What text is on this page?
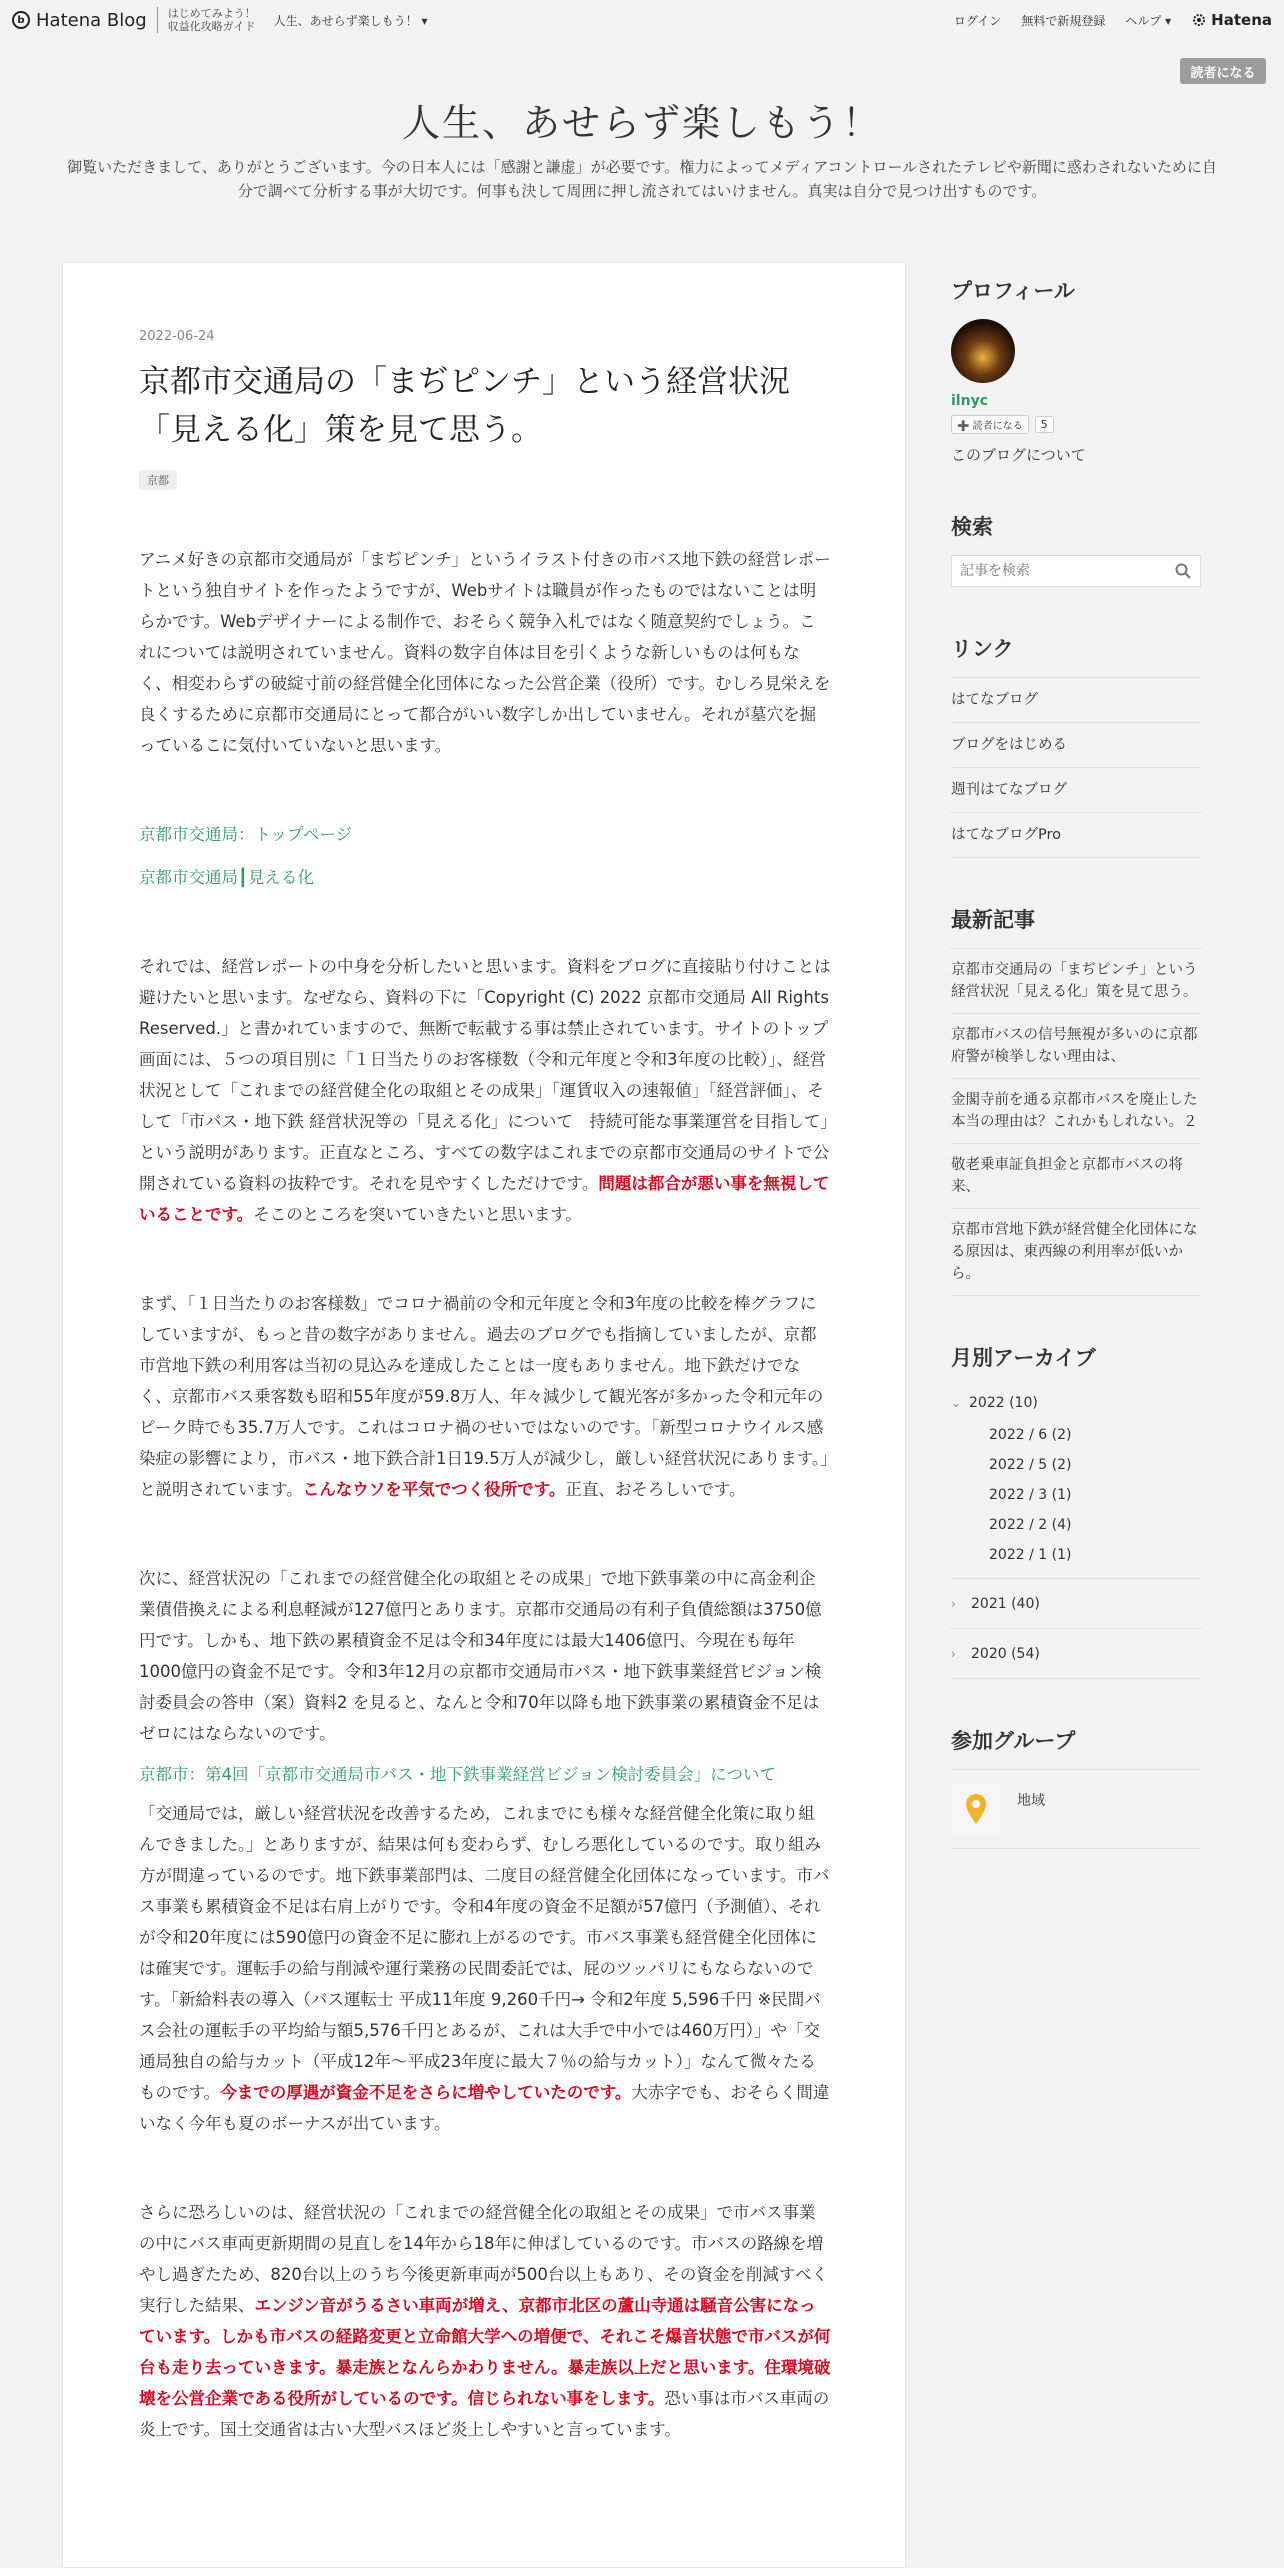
b Hatena Blog はじめてみよう！
収益化攻略ガイド 人生、あせらず楽しもう！ ▾	ログイン 無料で新規登録 ヘルプ ▾	Hatena
読者になる
人生、あせらず楽しもう！

御覧いただきまして、ありがとうございます。今の日本人には「感謝と謙虚」が必要です。権力によってメディアコントロールされたテレビや新聞に惑わされないために自分で調べて分析する事が大切です。何事も決して周囲に押し流されてはいけません。真実は自分で見つけ出すものです。

2022-06-24
京都市交通局の「まぢピンチ」という経営状況「見える化」策を見て思う。
京都

アニメ好きの京都市交通局が「まぢピンチ」というイラスト付きの市バス地下鉄の経営レポートという独自サイトを作ったようですが、Webサイトは職員が作ったものではないことは明らかです。Webデザイナーによる制作で、おそらく競争入札ではなく随意契約でしょう。これについては説明されていません。資料の数字自体は目を引くような新しいものは何もなく、相変わらずの破綻寸前の経営健全化団体になった公営企業（役所）です。むしろ見栄えを良くするために京都市交通局にとって都合がいい数字しか出していません。それが墓穴を掘っているこに気付いていないと思います。

京都市交通局：トップページ
京都市交通局┃見える化

それでは、経営レポートの中身を分析したいと思います。資料をブログに直接貼り付けことは避けたいと思います。なぜなら、資料の下に「Copyright (C) 2022 京都市交通局 All Rights Reserved.」と書かれていますので、無断で転載する事は禁止されています。サイトのトップ画面には、５つの項目別に「１日当たりのお客様数（令和元年度と令和3年度の比較）」、経営状況として「これまでの経営健全化の取組とその成果」「運賃収入の速報値」「経営評価」、そして「市バス・地下鉄 経営状況等の「見える化」について　持続可能な事業運営を目指して」という説明があります。正直なところ、すべての数字はこれまでの京都市交通局のサイトで公開されている資料の抜粋です。それを見やすくしただけです。問題は都合が悪い事を無視していることです。そこのところを突いていきたいと思います。

まず、「１日当たりのお客様数」でコロナ禍前の令和元年度と令和3年度の比較を棒グラフにしていますが、もっと昔の数字がありません。過去のブログでも指摘していましたが、京都市営地下鉄の利用客は当初の見込みを達成したことは一度もありません。地下鉄だけでなく、京都市バス乗客数も昭和55年度が59.8万人、年々減少して観光客が多かった令和元年のピーク時でも35.7万人です。これはコロナ禍のせいではないのです。「新型コロナウイルス感染症の影響により，市バス・地下鉄合計1日19.5万人が減少し，厳しい経営状況にあります。」と説明されています。こんなウソを平気でつく役所です。正直、おそろしいです。

次に、経営状況の「これまでの経営健全化の取組とその成果」で地下鉄事業の中に高金利企業債借換えによる利息軽減が127億円とあります。京都市交通局の有利子負債総額は3750億円です。しかも、地下鉄の累積資金不足は令和34年度には最大1406億円、今現在も毎年1000億円の資金不足です。令和3年12月の京都市交通局市バス・地下鉄事業経営ビジョン検討委員会の答申（案）資料2 を見ると、なんと令和70年以降も地下鉄事業の累積資金不足はゼロにはならないのです。

京都市：第4回「京都市交通局市バス・地下鉄事業経営ビジョン検討委員会」について

「交通局では，厳しい経営状況を改善するため，これまでにも様々な経営健全化策に取り組んできました。」とありますが、結果は何も変わらず、むしろ悪化しているのです。取り組み方が間違っているのです。地下鉄事業部門は、二度目の経営健全化団体になっています。市バス事業も累積資金不足は右肩上がりです。令和4年度の資金不足額が57億円（予測値）、それが令和20年度には590億円の資金不足に膨れ上がるのです。市バス事業も経営健全化団体には確実です。運転手の給与削減や運行業務の民間委託では、屁のツッパリにもならないのです。「新給料表の導入（バス運転士 平成11年度 9,260千円→ 令和2年度 5,596千円 ※民間バス会社の運転手の平均給与額5,576千円とあるが、これは大手で中小では460万円）」や「交通局独自の給与カット（平成12年～平成23年度に最大７％の給与カット）」なんて微々たるものです。今までの厚遇が資金不足をさらに増やしていたのです。大赤字でも、おそらく間違いなく今年も夏のボーナスが出ています。

さらに恐ろしいのは、経営状況の「これまでの経営健全化の取組とその成果」で市バス事業の中にバス車両更新期間の見直しを14年から18年に伸ばしているのです。市バスの路線を増やし過ぎたため、820台以上のうち今後更新車両が500台以上もあり、その資金を削減すべく実行した結果、エンジン音がうるさい車両が増え、京都市北区の蘆山寺通は騒音公害になっています。しかも市バスの経路変更と立命館大学への増便で、それこそ爆音状態で市バスが何台も走り去っていきます。暴走族となんらかわりません。暴走族以上だと思います。住環境破壊を公営企業である役所がしているのです。信じられない事をします。恐い事は市バス車両の炎上です。国土交通省は古い大型バスほど炎上しやすいと言っています。

プロフィール
ilnyc
➕ 読者になる	5
このブログについて
検索
記事を検索
リンク
はてなブログ
ブログをはじめる
週刊はてなブログ
はてなブログPro
最新記事
京都市交通局の「まぢピンチ」という経営状況「見える化」策を見て思う。
京都市バスの信号無視が多いのに京都府警が検挙しない理由は、
金閣寺前を通る京都市バスを廃止した本当の理由は？これかもしれない。２
敬老乗車証負担金と京都市バスの将来、
京都市営地下鉄が経営健全化団体になる原因は、東西線の利用率が低いから。
月別アーカイブ
⌄ 2022 (10)
2022 / 6 (2)
2022 / 5 (2)
2022 / 3 (1)
2022 / 2 (4)
2022 / 1 (1)
›	2021 (40)
›	2020 (54)
参加グループ
地域
